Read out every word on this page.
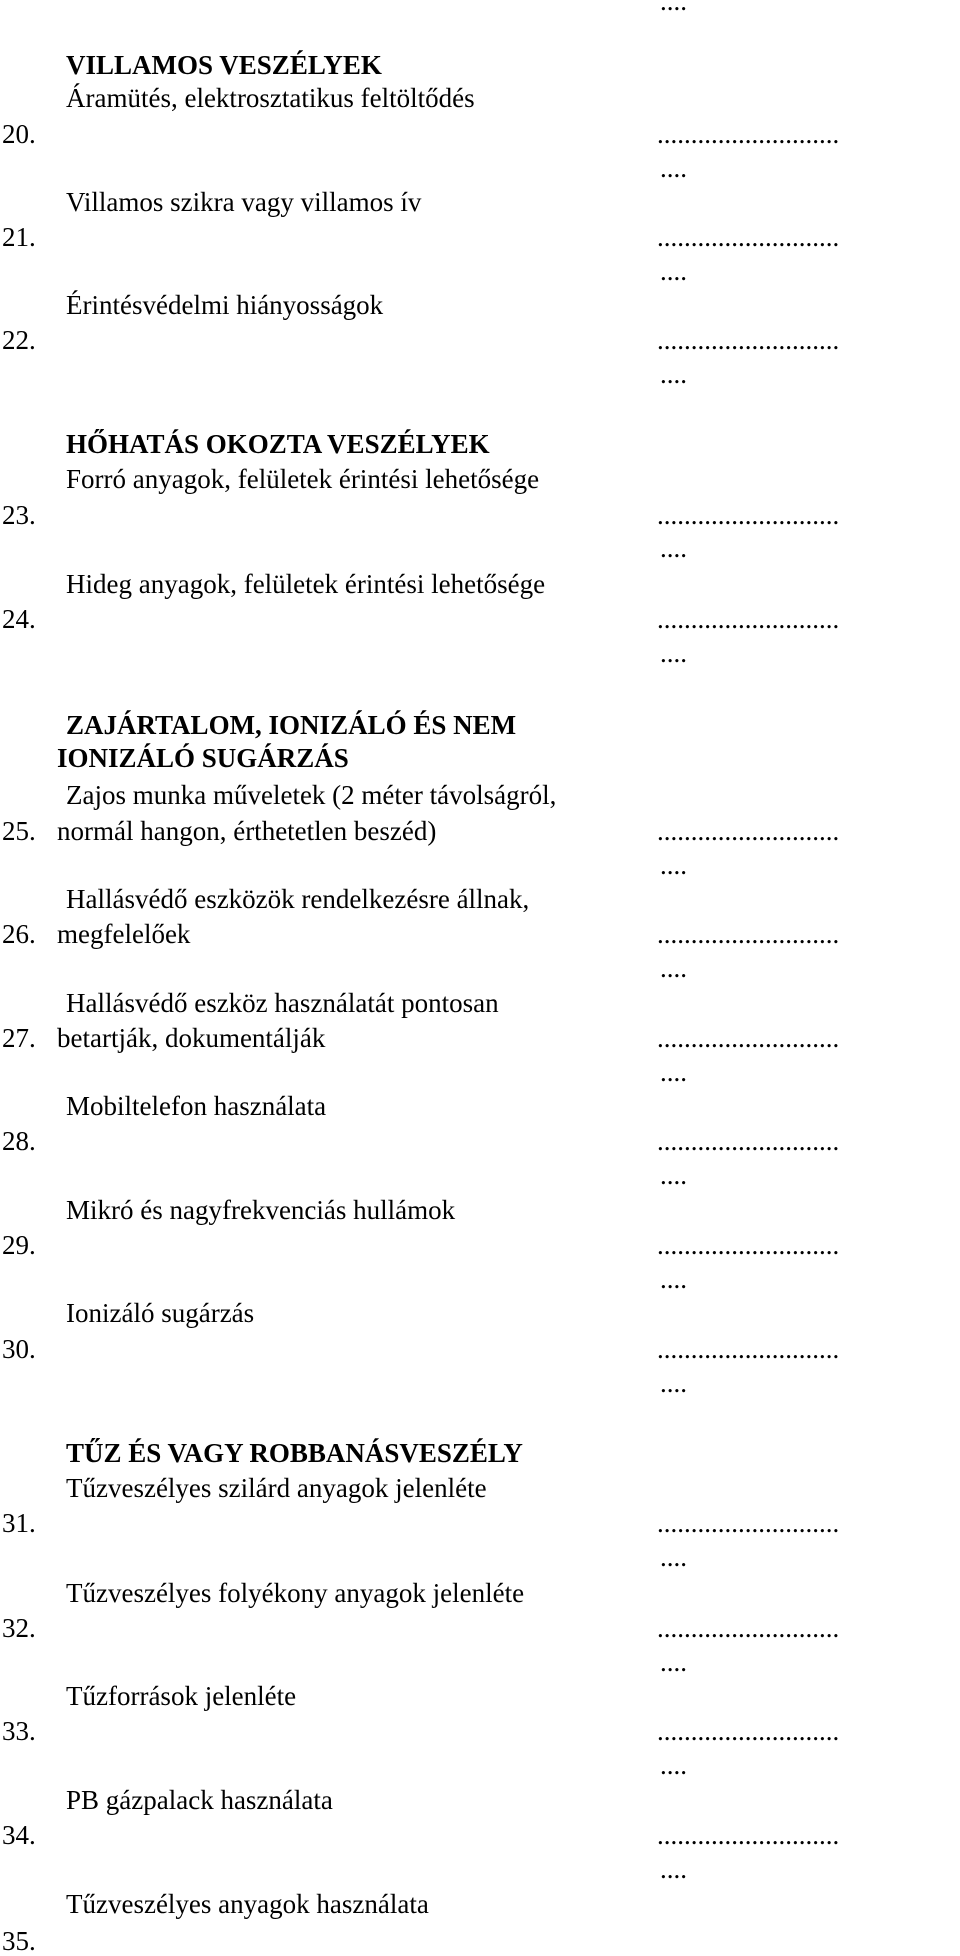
....
VILLAMOS VESZÉLYEK
Áramütés, elektrosztatikus feltöltődés
20.	...........................
....
Villamos szikra vagy villamos ív
21.	...........................
....
Érintésvédelmi hiányosságok
22.	...........................
....
HŐHATÁS OKOZTA VESZÉLYEK
Forró anyagok, felületek érintési lehetősége
23.	...........................
....
Hideg anyagok, felületek érintési lehetősége
24.	...........................
....
ZAJÁRTALOM, IONIZÁLÓ ÉS NEM
IONIZÁLÓ SUGÁRZÁS
Zajos munka műveletek (2 méter távolságról,
25. normál hangon, érthetetlen beszéd)	...........................
....
Hallásvédő eszközök rendelkezésre állnak,
26. megfelelőek	...........................
....
Hallásvédő eszköz használatát pontosan
27. betartják, dokumentálják	...........................
....
Mobiltelefon használata
28.	...........................
....
Mikró és nagyfrekvenciás hullámok
29.	...........................
....
Ionizáló sugárzás
30.	...........................
....
TŰZ ÉS VAGY ROBBANÁSVESZÉLY
Tűzveszélyes szilárd anyagok jelenléte
31.	...........................
....
Tűzveszélyes folyékony anyagok jelenléte
32.	...........................
....
Tűzforrások jelenléte
33.	...........................
....
PB gázpalack használata
34.	...........................
....
Tűzveszélyes anyagok használata
35.
